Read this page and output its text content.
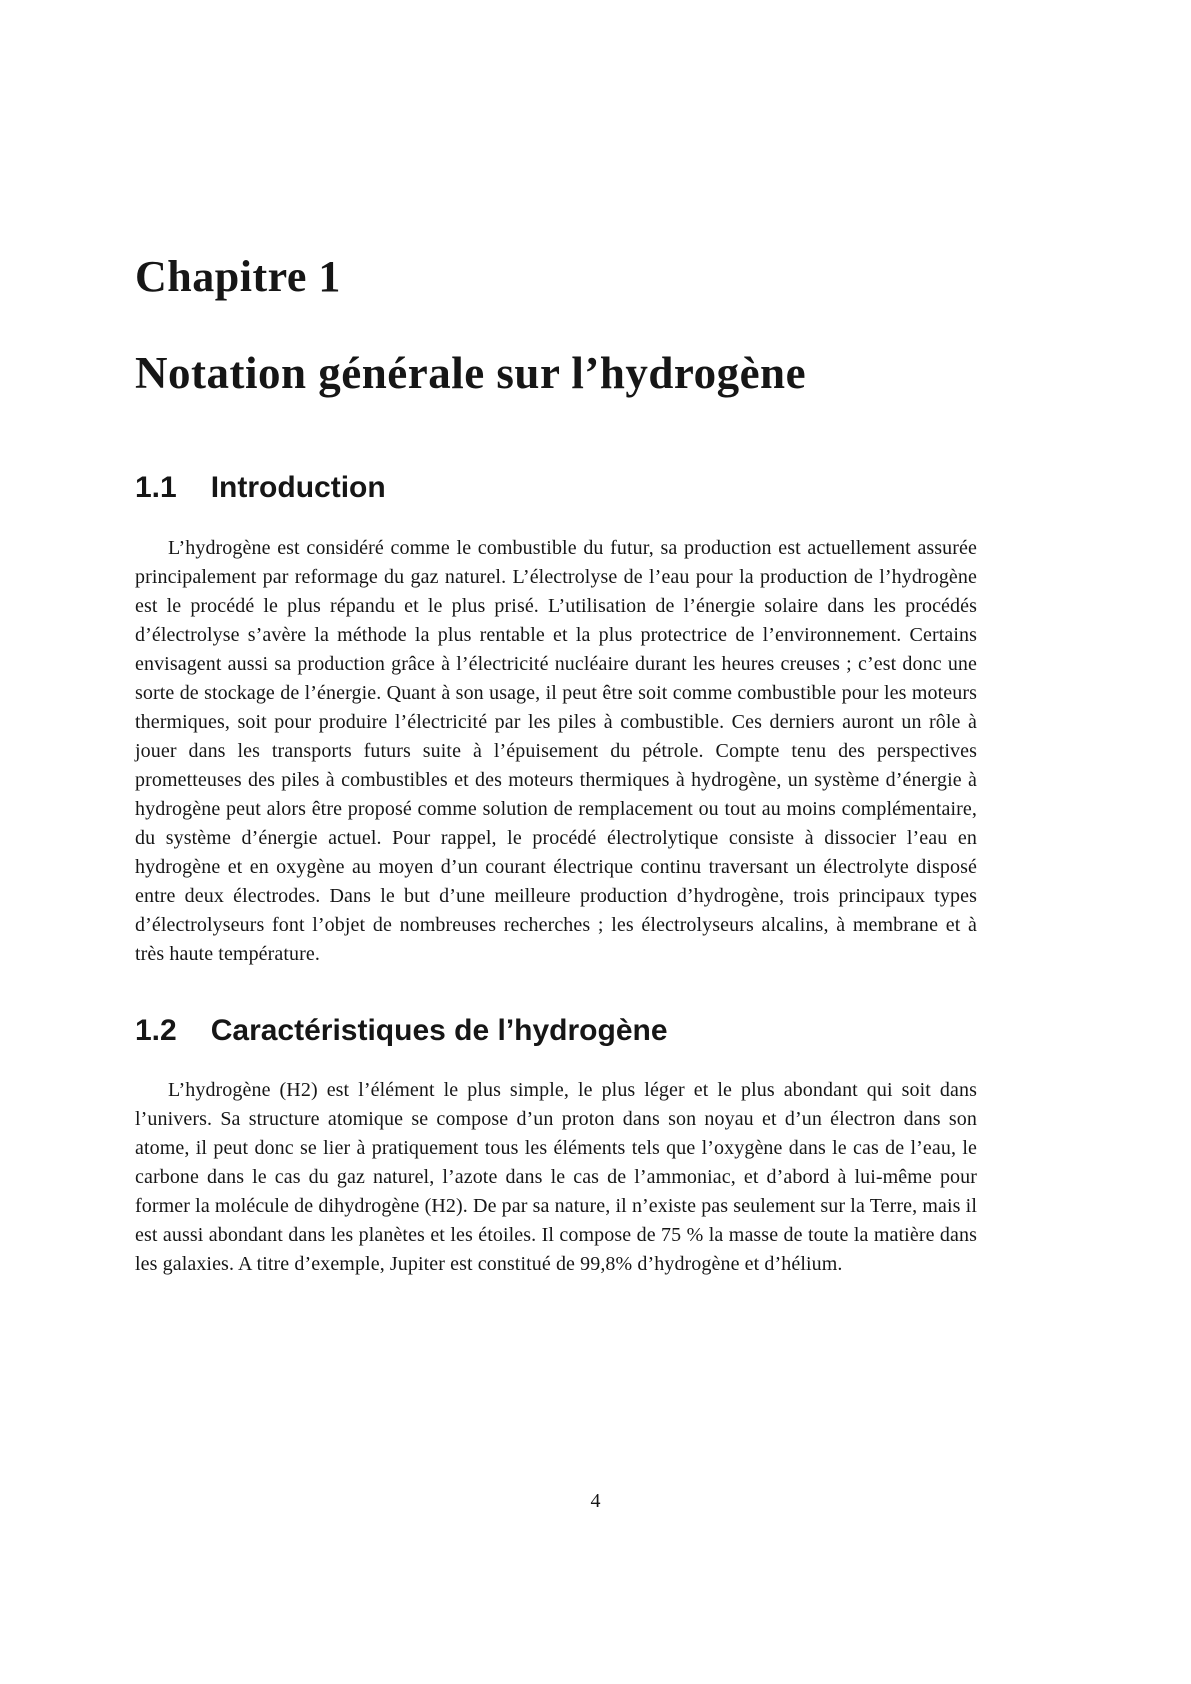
Chapitre 1
Notation générale sur l’hydrogène
1.1 Introduction

L’hydrogène est considéré comme le combustible du futur, sa production est actuellement assurée principalement par reformage du gaz naturel. L’électrolyse de l’eau pour la production de l’hydrogène est le procédé le plus répandu et le plus prisé. L’utilisation de l’énergie solaire dans les procédés d’électrolyse s’avère la méthode la plus rentable et la plus protectrice de l’environnement. Certains envisagent aussi sa production grâce à l’électricité nucléaire durant les heures creuses ; c’est donc une sorte de stockage de l’énergie. Quant à son usage, il peut être soit comme combustible pour les moteurs thermiques, soit pour produire l’électricité par les piles à combustible. Ces derniers auront un rôle à jouer dans les transports futurs suite à l’épuisement du pétrole. Compte tenu des perspectives prometteuses des piles à combustibles et des moteurs thermiques à hydrogène, un système d’énergie à hydrogène peut alors être proposé comme solution de remplacement ou tout au moins complémentaire, du système d’énergie actuel. Pour rappel, le procédé électrolytique consiste à dissocier l’eau en hydrogène et en oxygène au moyen d’un courant électrique continu traversant un électrolyte disposé entre deux électrodes. Dans le but d’une meilleure production d’hydrogène, trois principaux types d’électrolyseurs font l’objet de nombreuses recherches ; les électrolyseurs alcalins, à membrane et à très haute température.

1.2 Caractéristiques de l’hydrogène

L’hydrogène (H2) est l’élément le plus simple, le plus léger et le plus abondant qui soit dans l’univers. Sa structure atomique se compose d’un proton dans son noyau et d’un électron dans son atome, il peut donc se lier à pratiquement tous les éléments tels que l’oxygène dans le cas de l’eau, le carbone dans le cas du gaz naturel, l’azote dans le cas de l’ammoniac, et d’abord à lui-même pour former la molécule de dihydrogène (H2). De par sa nature, il n’existe pas seulement sur la Terre, mais il est aussi abondant dans les planètes et les étoiles. Il compose de 75 % la masse de toute la matière dans les galaxies. A titre d’exemple, Jupiter est constitué de 99,8% d’hydrogène et d’hélium.

4
